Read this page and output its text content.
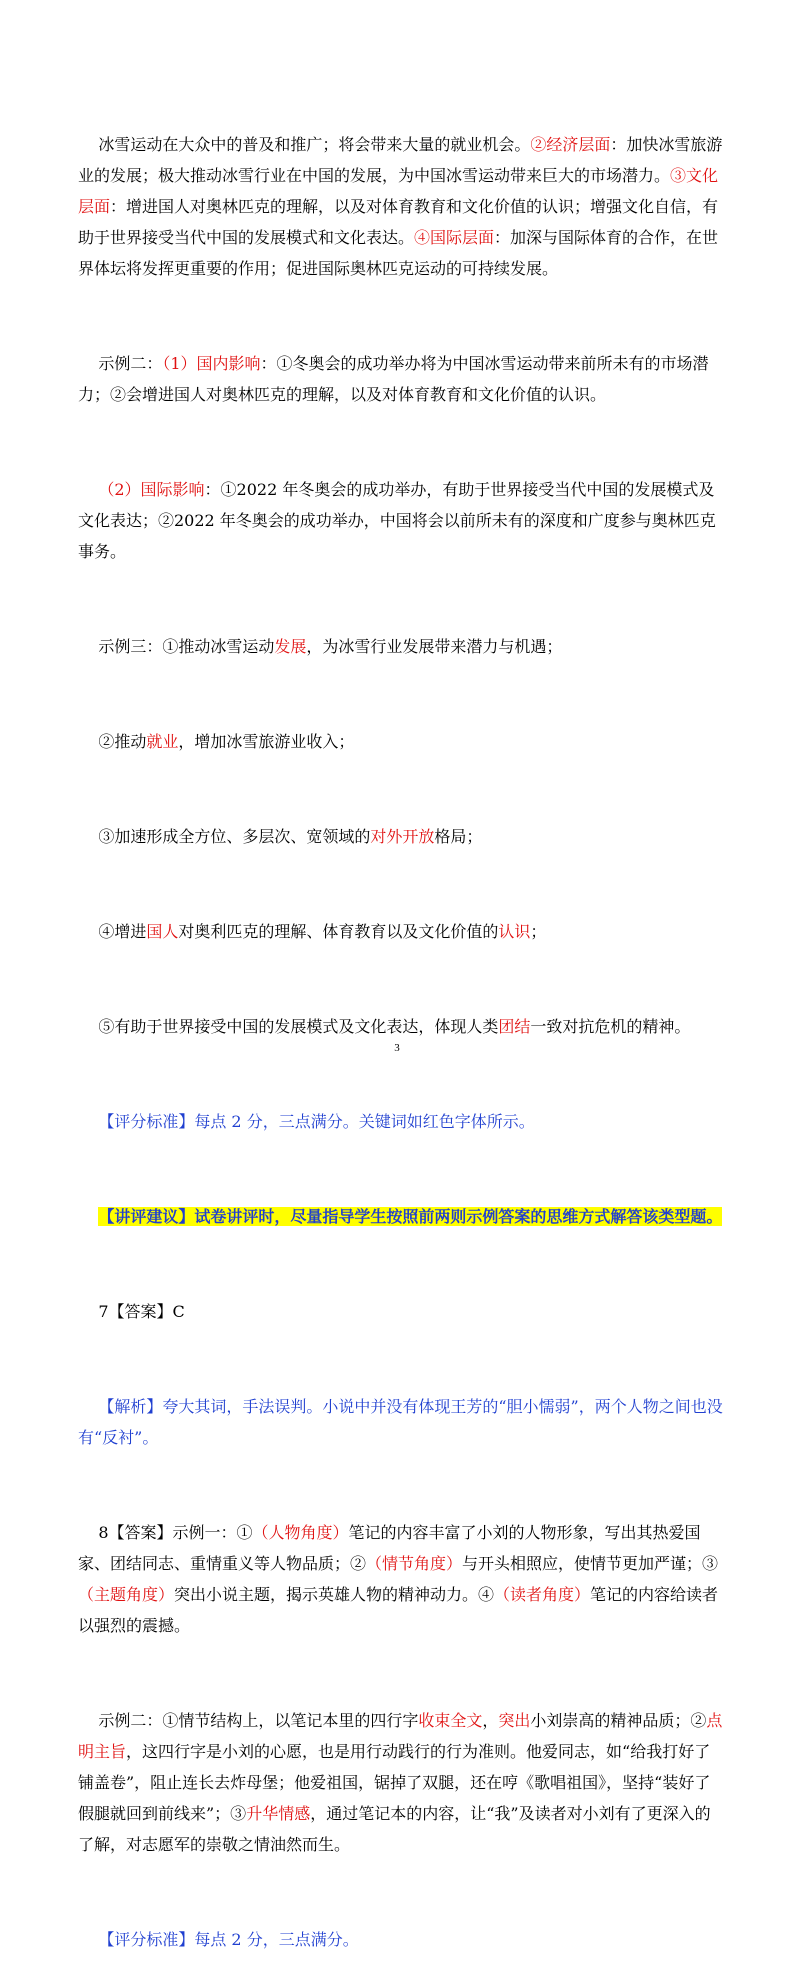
冰雪运动在大众中的普及和推广；将会带来大量的就业机会。②经济层面：加快冰雪旅游业的发展；极大推动冰雪行业在中国的发展，为中国冰雪运动带来巨大的市场潜力。③文化层面：增进国人对奥林匹克的理解，以及对体育教育和文化价值的认识；增强文化自信，有助于世界接受当代中国的发展模式和文化表达。④国际层面：加深与国际体育的合作，在世界体坛将发挥更重要的作用；促进国际奥林匹克运动的可持续发展。

示例二：（1）国内影响：①冬奥会的成功举办将为中国冰雪运动带来前所未有的市场潜力；②会增进国人对奥林匹克的理解，以及对体育教育和文化价值的认识。

（2）国际影响：①2022 年冬奥会的成功举办，有助于世界接受当代中国的发展模式及文化表达；②2022 年冬奥会的成功举办，中国将会以前所未有的深度和广度参与奥林匹克事务。

示例三：①推动冰雪运动发展，为冰雪行业发展带来潜力与机遇；

②推动就业，增加冰雪旅游业收入；

③加速形成全方位、多层次、宽领域的对外开放格局；

④增进国人对奥利匹克的理解、体育教育以及文化价值的认识；

⑤有助于世界接受中国的发展模式及文化表达，体现人类团结一致对抗危机的精神。

【评分标准】每点 2 分，三点满分。关键词如红色字体所示。

【讲评建议】试卷讲评时，尽量指导学生按照前两则示例答案的思维方式解答该类型题。

7【答案】C

【解析】夸大其词，手法误判。小说中并没有体现王芳的“胆小懦弱”，两个人物之间也没有“反衬”。

8【答案】示例一：①（人物角度）笔记的内容丰富了小刘的人物形象，写出其热爱国家、团结同志、重情重义等人物品质；②（情节角度）与开头相照应，使情节更加严谨；③（主题角度）突出小说主题，揭示英雄人物的精神动力。④（读者角度）笔记的内容给读者以强烈的震撼。

示例二：①情节结构上，以笔记本里的四行字收束全文，突出小刘崇高的精神品质；②点明主旨，这四行字是小刘的心愿，也是用行动践行的行为准则。他爱同志，如“给我打好了铺盖卷”，阻止连长去炸母堡；他爱祖国，锯掉了双腿，还在哼《歌唱祖国》，坚持“装好了假腿就回到前线来”；③升华情感，通过笔记本的内容，让“我”及读者对小刘有了更深入的了解，对志愿军的崇敬之情油然而生。

【评分标准】每点 2 分，三点满分。

3
